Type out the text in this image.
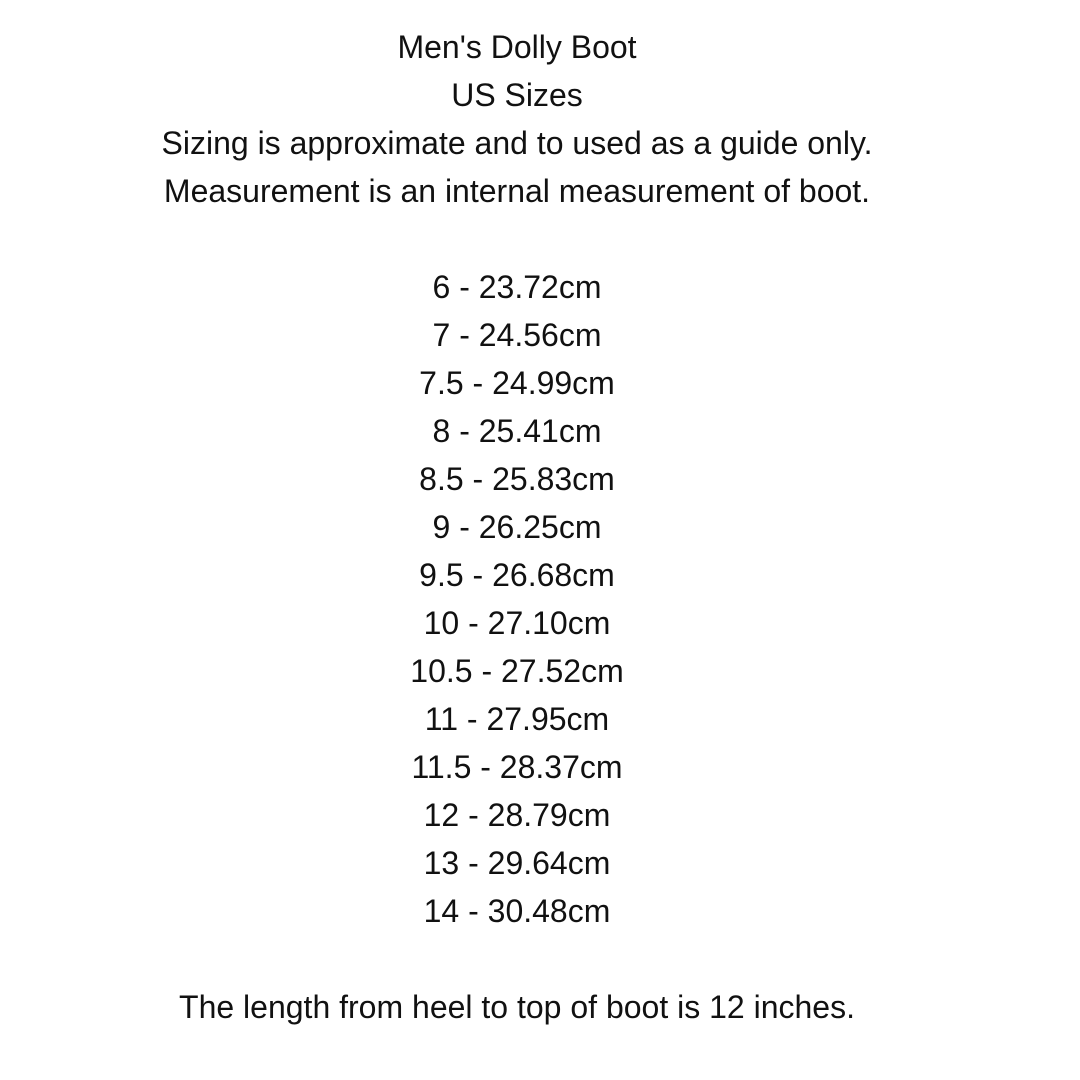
Men's Dolly Boot
US Sizes
Sizing is approximate and to used as a guide only.
Measurement is an internal measurement of boot.
6 - 23.72cm
7 - 24.56cm
7.5 - 24.99cm
8 - 25.41cm
8.5 - 25.83cm
9 - 26.25cm
9.5 - 26.68cm
10 - 27.10cm
10.5 - 27.52cm
11 - 27.95cm
11.5 - 28.37cm
12 - 28.79cm
13 - 29.64cm
14 - 30.48cm
The length from heel to top of boot is 12 inches.
